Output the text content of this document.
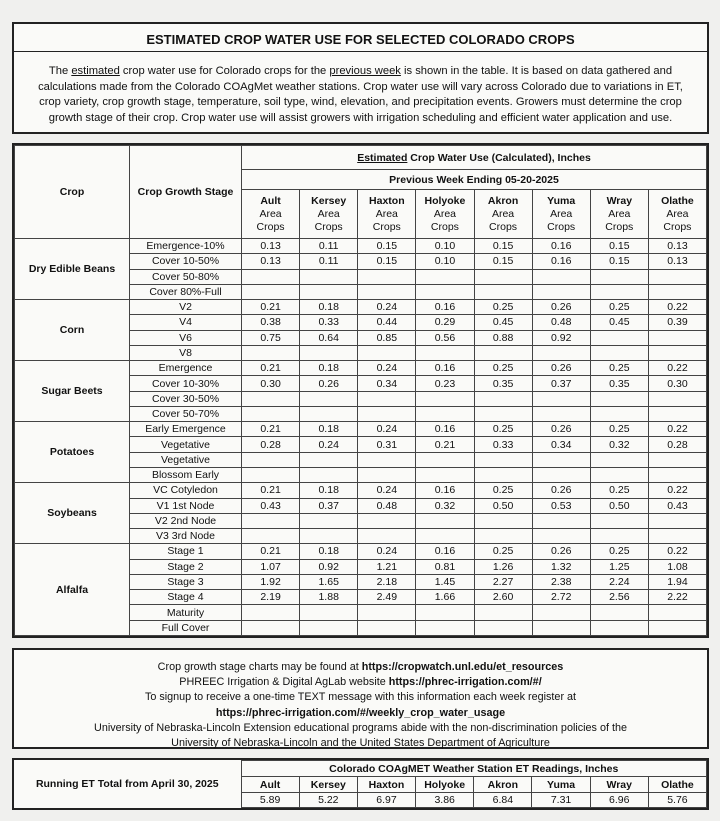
ESTIMATED CROP WATER USE FOR SELECTED COLORADO CROPS
The estimated crop water use for Colorado crops for the previous week is shown in the table. It is based on data gathered and calculations made from the Colorado COAgMet weather stations. Crop water use will vary across Colorado due to variations in ET, crop variety, crop growth stage, temperature, soil type, wind, elevation, and precipitation events. Growers must determine the crop growth stage of their crop. Crop water use will assist growers with irrigation scheduling and efficient water application and use.
Crop	Crop Growth Stage	Estimated Crop Water Use (Calculated), Inches							
		Previous Week Ending 05-20-2025							

		Ault
Area
Crops	Kersey
Area
Crops	Haxton
Area
Crops	Holyoke
Area
Crops	Akron
Area
Crops	Yuma
Area
Crops	Wray
Area
Crops	Olathe
Area
Crops

Dry Edible Beans	Emergence-10%	0.13	0.11	0.15	0.10	0.15	0.16	0.15	0.13
	Cover 10-50%	0.13	0.11	0.15	0.10	0.15	0.16	0.15	0.13
	Cover 50-80%								
	Cover 80%-Full								
Corn	V2	0.21	0.18	0.24	0.16	0.25	0.26	0.25	0.22
	V4	0.38	0.33	0.44	0.29	0.45	0.48	0.45	0.39
	V6	0.75	0.64	0.85	0.56	0.88	0.92		
	V8								
Sugar Beets	Emergence	0.21	0.18	0.24	0.16	0.25	0.26	0.25	0.22
	Cover 10-30%	0.30	0.26	0.34	0.23	0.35	0.37	0.35	0.30
	Cover 30-50%								
	Cover 50-70%								
Potatoes	Early Emergence	0.21	0.18	0.24	0.16	0.25	0.26	0.25	0.22
	Vegetative	0.28	0.24	0.31	0.21	0.33	0.34	0.32	0.28
	Vegetative								
	Blossom Early								
Soybeans	VC Cotyledon	0.21	0.18	0.24	0.16	0.25	0.26	0.25	0.22
	V1 1st Node	0.43	0.37	0.48	0.32	0.50	0.53	0.50	0.43
	V2 2nd Node								
	V3 3rd Node								
Alfalfa	Stage 1	0.21	0.18	0.24	0.16	0.25	0.26	0.25	0.22
	Stage 2	1.07	0.92	1.21	0.81	1.26	1.32	1.25	1.08
	Stage 3	1.92	1.65	2.18	1.45	2.27	2.38	2.24	1.94
	Stage 4	2.19	1.88	2.49	1.66	2.60	2.72	2.56	2.22
	Maturity								
	Full Cover								
Crop growth stage charts may be found at https://cropwatch.unl.edu/et_resources
PHREEC Irrigation & Digital AgLab website https://phrec-irrigation.com/#/
To signup to receive a one-time TEXT message with this information each week register at
https://phrec-irrigation.com/#/weekly_crop_water_usage
University of Nebraska-Lincoln Extension educational programs abide with the non-discrimination policies of the
University of Nebraska-Lincoln and the United States Department of Agriculture
Running ET Total from April 30, 2025	Colorado COAgMET Weather Station ET Readings, Inches							
	Ault	Kersey	Haxton	Holyoke	Akron	Yuma	Wray	Olathe
	5.89	5.22	6.97	3.86	6.84	7.31	6.96	5.76
